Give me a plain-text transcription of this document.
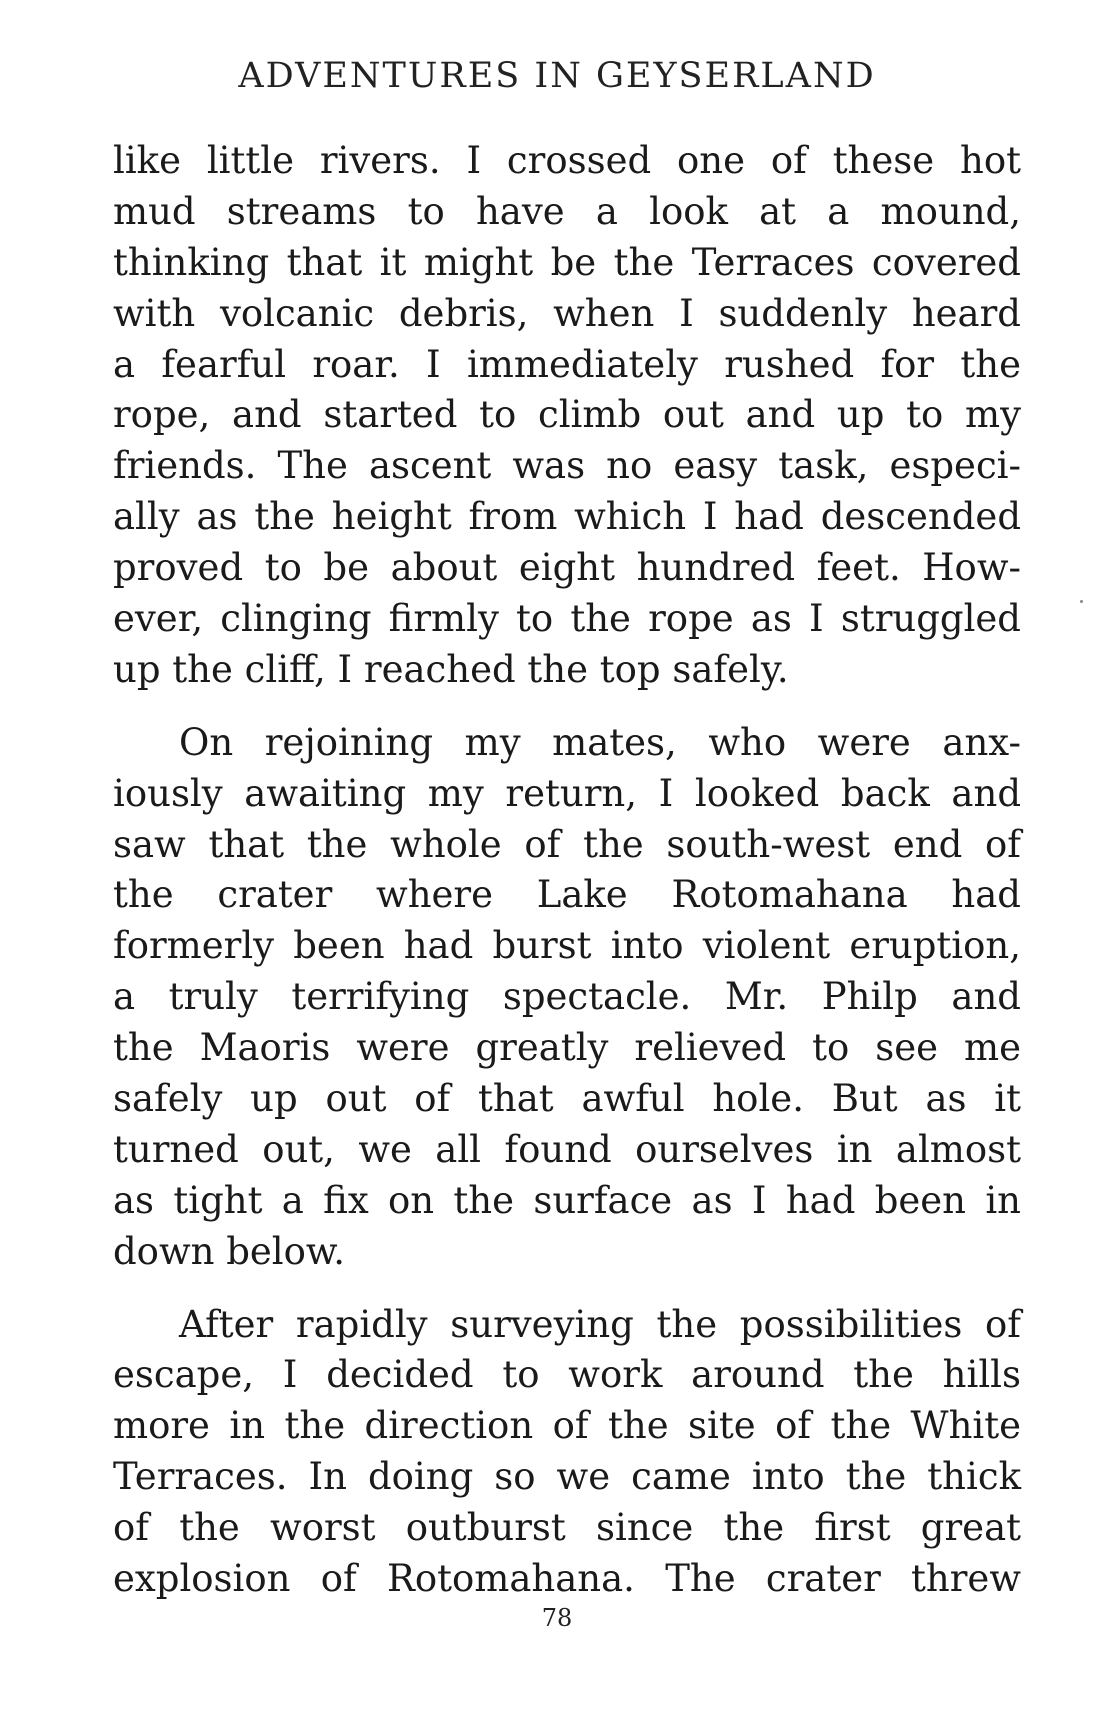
ADVENTURES IN GEYSERLAND
like little rivers. I crossed one of these hot
mud streams to have a look at a mound,
thinking that it might be the Terraces covered
with volcanic debris, when I suddenly heard
a fearful roar. I immediately rushed for the
rope, and started to climb out and up to my
friends. The ascent was no easy task, especi-
ally as the height from which I had descended
proved to be about eight hundred feet. How-
ever, clinging firmly to the rope as I struggled
up the cliff, I reached the top safely.
On rejoining my mates, who were anx-
iously awaiting my return, I looked back and
saw that the whole of the south-west end of
the crater where Lake Rotomahana had
formerly been had burst into violent eruption,
a truly terrifying spectacle. Mr. Philp and
the Maoris were greatly relieved to see me
safely up out of that awful hole. But as it
turned out, we all found ourselves in almost
as tight a fix on the surface as I had been in
down below.
After rapidly surveying the possibilities of
escape, I decided to work around the hills
more in the direction of the site of the White
Terraces. In doing so we came into the thick
of the worst outburst since the first great
explosion of Rotomahana. The crater threw
78
